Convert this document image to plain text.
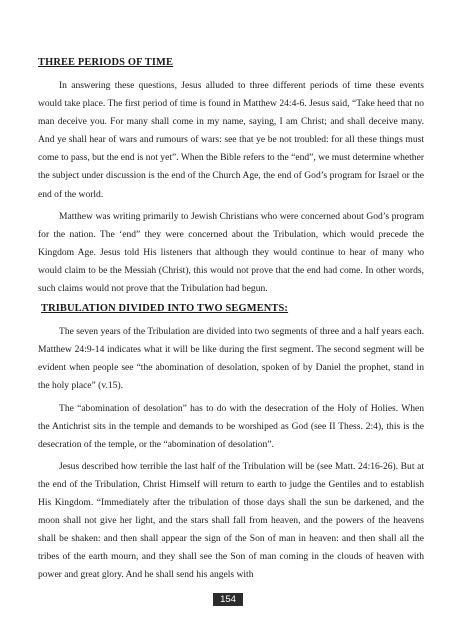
THREE PERIODS OF TIME

In answering these questions, Jesus alluded to three different periods of time these events would take place. The first period of time is found in Matthew 24:4-6. Jesus said, “Take heed that no man deceive you. For many shall come in my name, saying, I am Christ; and shall deceive many. And ye shall hear of wars and rumours of wars: see that ye be not troubled: for all these things must come to pass, but the end is not yet”. When the Bible refers to the “end”, we must determine whether the subject under discussion is the end of the Church Age, the end of God’s program for Israel or the end of the world.

Matthew was writing primarily to Jewish Christians who were concerned about God’s program for the nation. The ‘end” they were concerned about the Tribulation, which would precede the Kingdom Age. Jesus told His listeners that although they would continue to hear of many who would claim to be the Messiah (Christ), this would not prove that the end had come. In other words, such claims would not prove that the Tribulation had begun.

TRIBULATION DIVIDED INTO TWO SEGMENTS:

The seven years of the Tribulation are divided into two segments of three and a half years each. Matthew 24:9-14 indicates what it will be like during the first segment. The second segment will be evident when people see “the abomination of desolation, spoken of by Daniel the prophet, stand in the holy place” (v.15).

The “abomination of desolation” has to do with the desecration of the Holy of Holies. When the Antichrist sits in the temple and demands to be worshiped as God (see II Thess. 2:4), this is the desecration of the temple, or the “abomination of desolation”.

Jesus described how terrible the last half of the Tribulation will be (see Matt. 24:16-26). But at the end of the Tribulation, Christ Himself will return to earth to judge the Gentiles and to establish His Kingdom. “Immediately after the tribulation of those days shall the sun be darkened, and the moon shall not give her light, and the stars shall fall from heaven, and the powers of the heavens shall be shaken: and then shall appear the sign of the Son of man in heaven: and then shall all the tribes of the earth mourn, and they shall see the Son of man coming in the clouds of heaven with power and great glory. And he shall send his angels with

154
